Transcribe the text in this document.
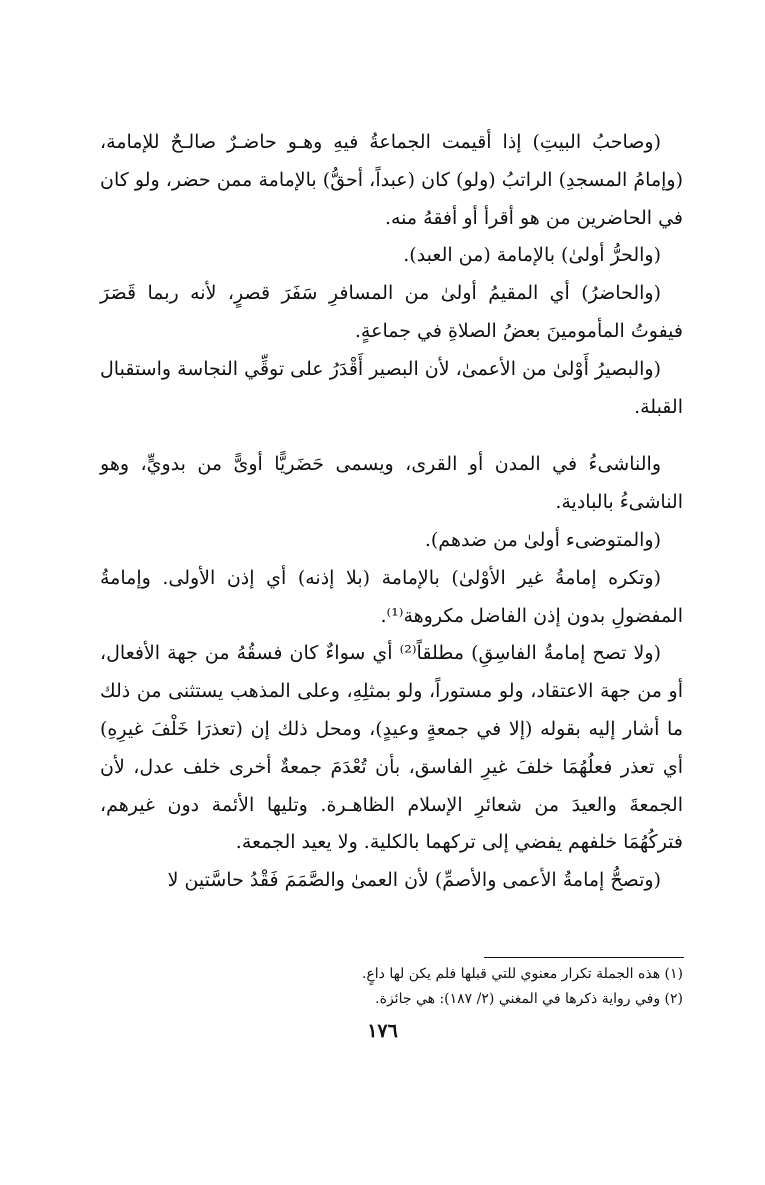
(وصاحبُ البيتِ) إذا أقيمت الجماعةُ فيهِ وهـو حاضـرٌ صالـحٌ للإمامة، (وإمامُ المسجدِ) الراتبُ (ولو) كان (عبداً، أحقُّ) بالإمامة ممن حضر، ولو كان في الحاضرين من هو أقرأ أو أفقهُ منه.

(والحرُّ أولىٰ) بالإمامة (من العبد).

(والحاضرُ) أي المقيمُ أولىٰ من المسافرِ سَفَرَ قصرٍ، لأنه ربما قَصَرَ فيفوتُ المأمومينَ بعضُ الصلاةِ في جماعةٍ.

(والبصيرُ أَوْلىٰ من الأعمىٰ، لأن البصير أَقْدَرُ على توقِّي النجاسة واستقبال القبلة.

والناشىءُ في المدن أو القرى، ويسمى حَضَريًّا أوىًّ من بدويٍّ، وهو الناشىءُ بالبادية.

(والمتوضىء أولىٰ من ضدهم).

(وتكره إمامةُ غير الأوْلىٰ) بالإمامة (بلا إذنه) أي إذن الأولى. وإمامةُ المفضولِ بدون إذن الفاضل مكروهة⁽¹⁾.

(ولا تصح إمامةُ الفاسِقِ) مطلقاً⁽²⁾ أي سواءٌ كان فسقُهُ من جهة الأفعال، أو من جهة الاعتقاد، ولو مستوراً، ولو بمثلِهِ، وعلى المذهب يستثنى من ذلك ما أشار إليه بقوله (إلا في جمعةٍ وعيدٍ)، ومحل ذلك إن (تعذرَا خَلْفَ غيرِهِ) أي تعذر فعلُهُمَا خلفَ غيرِ الفاسق، بأن تُعْدَمَ جمعةٌ أخرى خلف عدل، لأن الجمعةَ والعيدَ من شعائرِ الإسلام الظاهـرة. وتليها الأئمة دون غيرهم، فتركُهُمَا خلفهم يفضي إلى تركهما بالكلية. ولا يعيد الجمعة.

(وتصحُّ إمامةُ الأعمى والأصمِّ) لأن العمىٰ والصَّمَمَ فَقْدُ حاسَّتين لا

(١) هذه الجملة تكرار معنوي للتي قبلها فلم يكن لها داعٍ.

(٢) وفي رواية ذكرها في المغني (٢/ ١٨٧): هي جائزة.

١٧٦
